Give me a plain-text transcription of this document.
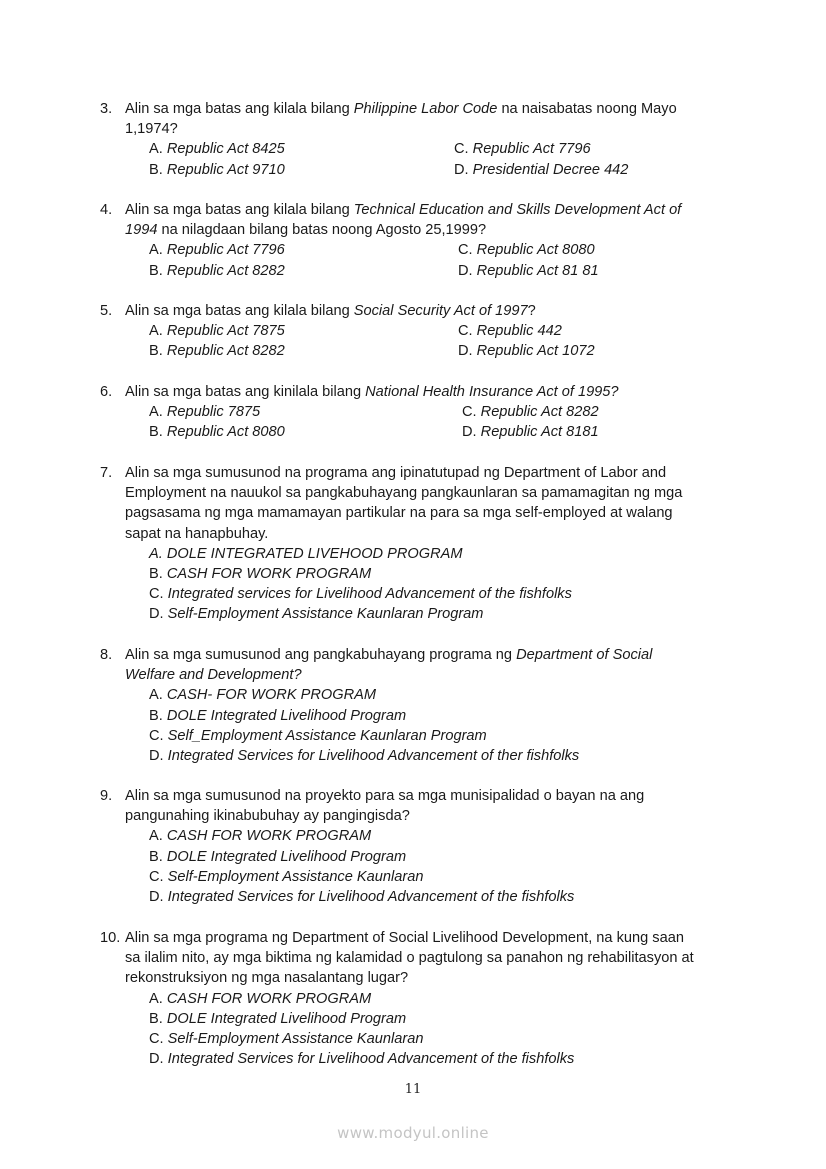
3. Alin sa mga batas ang kilala bilang Philippine Labor Code na naisabatas noong Mayo
1,1974?
A. Republic Act 8425	C. Republic Act 7796
B. Republic Act 9710	D. Presidential Decree 442
4. Alin sa mga batas ang kilala bilang Technical Education and Skills Development Act of
1994 na nilagdaan bilang batas noong Agosto 25,1999?
A. Republic Act 7796	C. Republic Act 8080
B. Republic Act 8282	D. Republic Act 81 81
5. Alin sa mga batas ang kilala bilang Social Security Act of 1997?
A. Republic Act 7875	C. Republic 442
B. Republic Act 8282	D. Republic Act 1072
6. Alin sa mga batas ang kinilala bilang National Health Insurance Act of 1995?
A. Republic 7875	C. Republic Act 8282
B. Republic Act 8080	D. Republic Act 8181
7. Alin sa mga sumusunod na programa ang ipinatutupad ng Department of Labor and
Employment na nauukol sa pangkabuhayang pangkaunlaran sa pamamagitan ng mga
pagsasama ng mga mamamayan partikular na para sa mga self-employed at walang
sapat na hanapbuhay.
A. DOLE INTEGRATED LIVEHOOD PROGRAM
B. CASH FOR WORK PROGRAM
C. Integrated services for Livelihood Advancement of the fishfolks
D. Self-Employment Assistance Kaunlaran Program
8. Alin sa mga sumusunod ang pangkabuhayang programa ng Department of Social
Welfare and Development?
A. CASH- FOR WORK PROGRAM
B. DOLE Integrated Livelihood Program
C. Self_Employment Assistance Kaunlaran Program
D. Integrated Services for Livelihood Advancement of ther fishfolks
9. Alin sa mga sumusunod na proyekto para sa mga munisipalidad o bayan na ang
pangunahing ikinabubuhay ay pangingisda?
A. CASH FOR WORK PROGRAM
B. DOLE Integrated Livelihood Program
C. Self-Employment Assistance Kaunlaran
D. Integrated Services for Livelihood Advancement of the fishfolks
10. Alin sa mga programa ng Department of Social Livelihood Development, na kung saan
sa ilalim nito, ay mga biktima ng kalamidad o pagtulong sa panahon ng rehabilitasyon at
rekonstruksiyon ng mga nasalantang lugar?
A. CASH FOR WORK PROGRAM
B. DOLE Integrated Livelihood Program
C. Self-Employment Assistance Kaunlaran
D. Integrated Services for Livelihood Advancement of the fishfolks
11
www.modyul.online
